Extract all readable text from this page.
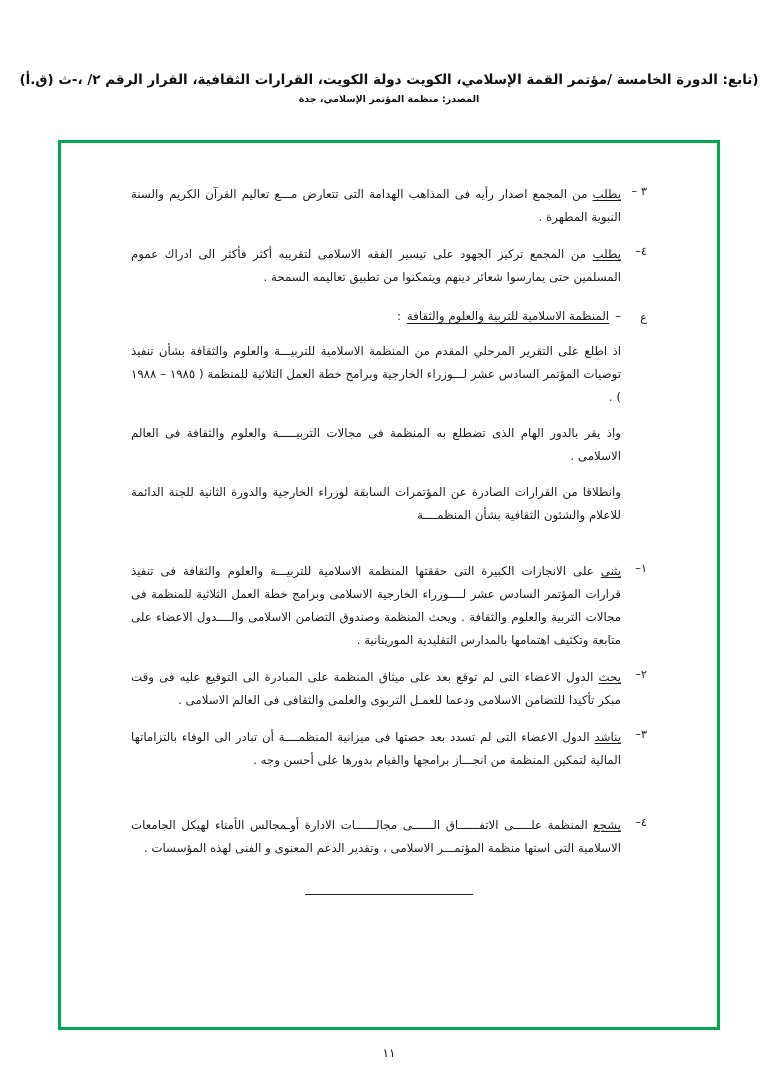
(تابع: الدورة الخامسة /مؤتمر القمة الإسلامي، الكويت دولة الكويت، القرارات الثقافية، القرار الرقم ٢/ ،-ث (ق.أ)
المصدر: منظمة المؤتمر الإسلامي، جدة
٣ –
يطلب من المجمع اصدار رأيه فى المذاهب الهدامة التى تتعارض مـــع تعاليم القرآن الكريم والسنة النبوية المطهرة .
٤–
يطلب من المجمع تركيز الجهود على تيسير الفقه الاسلامى لتقريبه أكثر فأكثر الى ادراك عموم المسلمين حتى يمارسوا شعائر دينهم ويتمكنوا من تطبيق تعاليمه السمحة .
ع
–
المنظمة الاسلامية للتربية والعلوم والثقافة
:
اذ اطلع على التقرير المرحلي المقدم من المنظمة الاسلامية للتربيـــة والعلوم والثقافة بشأن تنفيذ توصيات المؤتمر السادس عشر لـــوزراء الخارجية وبرامج خطة العمل الثلاثية للمنظمة ( ١٩٨٥ – ١٩٨٨ ) .
واذ يقر بالدور الهام الذى تضطلع به المنظمة فى مجالات التربيـــــة والعلوم والثقافة فى العالم الاسلامى .
وانطلاقا من القرارات الصادرة عن المؤتمرات السابقة لوزراء الخارجية والدورة الثانية للجنة الدائمة للاعلام والشئون الثقافية بشأن المنظمــــة
١–
يثنى على الانجازات الكبيرة التى حققتها المنظمة الاسلامية للتربيـــة والعلوم والثقافة فى تنفيذ قرارات المؤتمر السادس عشر لــــوزراء الخارجية الاسلامى وبرامج خطة العمل الثلاثية للمنظمة فى مجالات التربية والعلوم والثقافة . ويحث المنظمة وصندوق التضامن الاسلامى والــــدول الاعضاء على متابعة وتكثيف اهتمامها بالمدارس التقليدية الموريتانية .
٢–
يحث الدول الاعضاء التى لم توقع بعد على ميثاق المنظمة على المبادرة الى التوقيع عليه فى وقت مبكر تأكيدا للتضامن الاسلامى ودعما للعمـل التربوى والعلمى والثقافى فى العالم الاسلامى .
٣–
يناشد الدول الاعضاء التى لم تسدد بعد حصتها فى ميزانية المنظمــــة أن تبادر الى الوفاء بالتزاماتها المالية لتمكين المنظمة من انجـــاز برامجها والقيام بدورها على أحسن وجه .
٤–
يشجع المنظمة علـــــى الاتفــــــاق الــــــى مجالــــــات الادارة أوـمجالس الأمناء لهيكل الجامعات الاسلامية التى استها منظمة المؤتمـــر الاسلامى ، وتقدير الدعم المعنوى و الفنى لهذه المؤسسات .
١١
